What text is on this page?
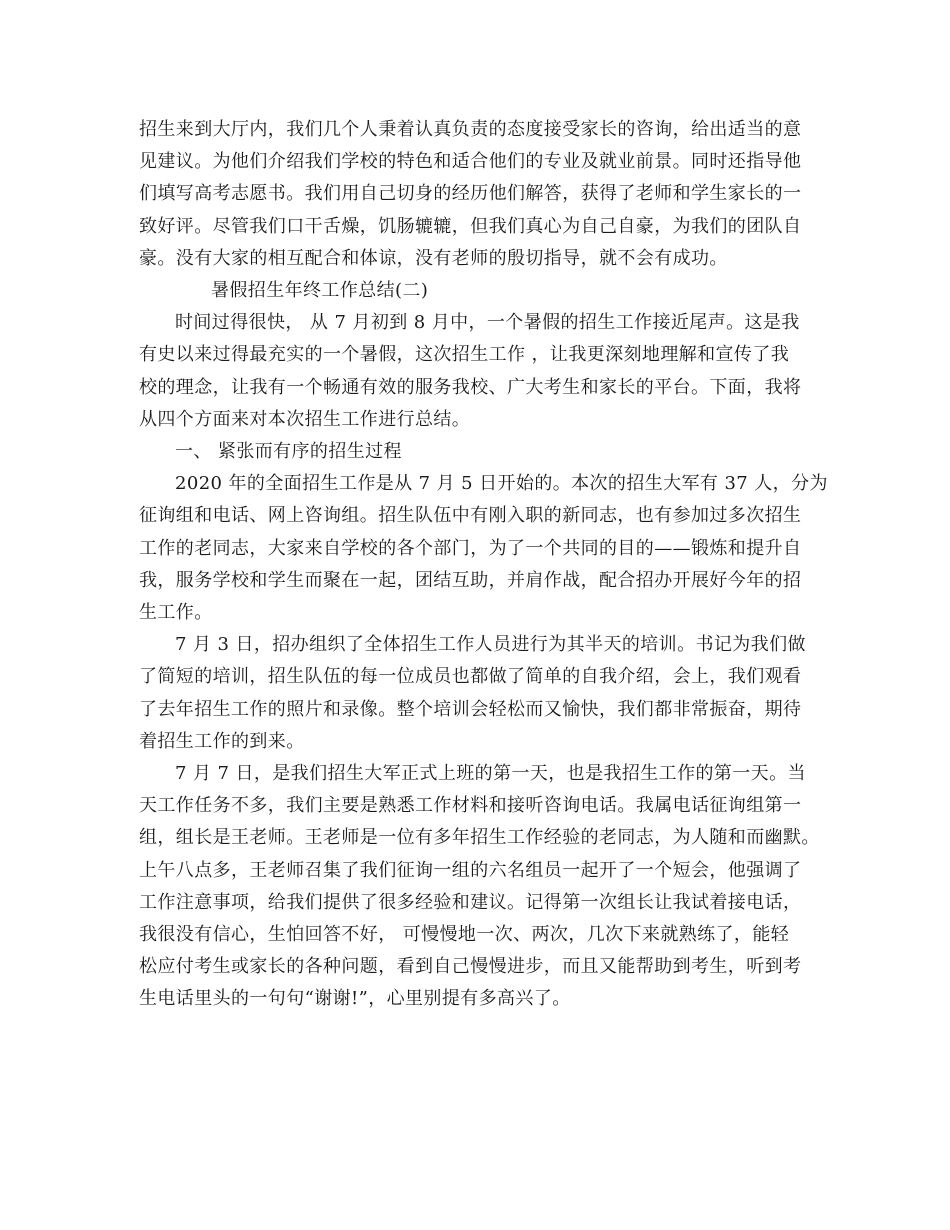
招生来到大厅内，我们几个人秉着认真负责的态度接受家长的咨询，给出适当的意
见建议。为他们介绍我们学校的特色和适合他们的专业及就业前景。同时还指导他
们填写高考志愿书。我们用自己切身的经历他们解答，获得了老师和学生家长的一
致好评。尽管我们口干舌燥，饥肠辘辘，但我们真心为自己自豪，为我们的团队自
豪。没有大家的相互配合和体谅，没有老师的殷切指导，就不会有成功。
暑假招生年终工作总结(二)
时间过得很快， 从 7 月初到 8 月中，一个暑假的招生工作接近尾声。这是我
有史以来过得最充实的一个暑假，这次招生工作 ，让我更深刻地理解和宣传了我
校的理念，让我有一个畅通有效的服务我校、广大考生和家长的平台。下面，我将
从四个方面来对本次招生工作进行总结。
一、 紧张而有序的招生过程
2020 年的全面招生工作是从 7 月 5 日开始的。本次的招生大军有 37 人，分为
征询组和电话、网上咨询组。招生队伍中有刚入职的新同志，也有参加过多次招生
工作的老同志，大家来自学校的各个部门，为了一个共同的目的——锻炼和提升自
我，服务学校和学生而聚在一起，团结互助，并肩作战，配合招办开展好今年的招
生工作。
7 月 3 日，招办组织了全体招生工作人员进行为其半天的培训。书记为我们做
了简短的培训，招生队伍的每一位成员也都做了简单的自我介绍，会上，我们观看
了去年招生工作的照片和录像。整个培训会轻松而又愉快，我们都非常振奋，期待
着招生工作的到来。
7 月 7 日，是我们招生大军正式上班的第一天，也是我招生工作的第一天。当
天工作任务不多，我们主要是熟悉工作材料和接听咨询电话。我属电话征询组第一
组，组长是王老师。王老师是一位有多年招生工作经验的老同志，为人随和而幽默。
上午八点多，王老师召集了我们征询一组的六名组员一起开了一个短会，他强调了
工作注意事项，给我们提供了很多经验和建议。记得第一次组长让我试着接电话，
我很没有信心，生怕回答不好， 可慢慢地一次、两次，几次下来就熟练了，能轻
松应付考生或家长的各种问题，看到自己慢慢进步，而且又能帮助到考生，听到考
生电话里头的一句句“谢谢!”，心里别提有多高兴了。
